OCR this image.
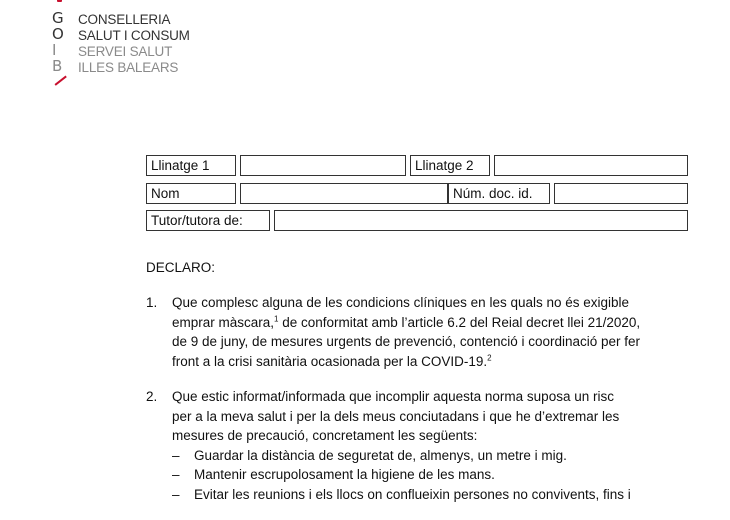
G
O
I
B
CONSELLERIA
SALUT I CONSUM
SERVEI SALUT
ILLES BALEARS
Llinatge 1	Llinatge 2
Nom	Núm. doc. id.
Tutor/tutora de:
DECLARO:
1. Que complesc alguna de les condicions clíniques en les quals no és exigible

emprar màscara,$^1$ de conformitat amb l’article 6.2 del Reial decret llei 21/2020,

de 9 de juny, de mesures urgents de prevenció, contenció i coordinació per fer

front a la crisi sanitària ocasionada per la COVID-19.$^2$

2. Que estic informat/informada que incomplir aquesta norma suposa un risc

per a la meva salut i per la dels meus conciutadans i que he d’extremar les

mesures de precaució, concretament les següents:

– Guardar la distància de seguretat de, almenys, un metre i mig.
– Mantenir escrupolosament la higiene de les mans.
– Evitar les reunions i els llocs on conflueixin persones no convivents, fins i
